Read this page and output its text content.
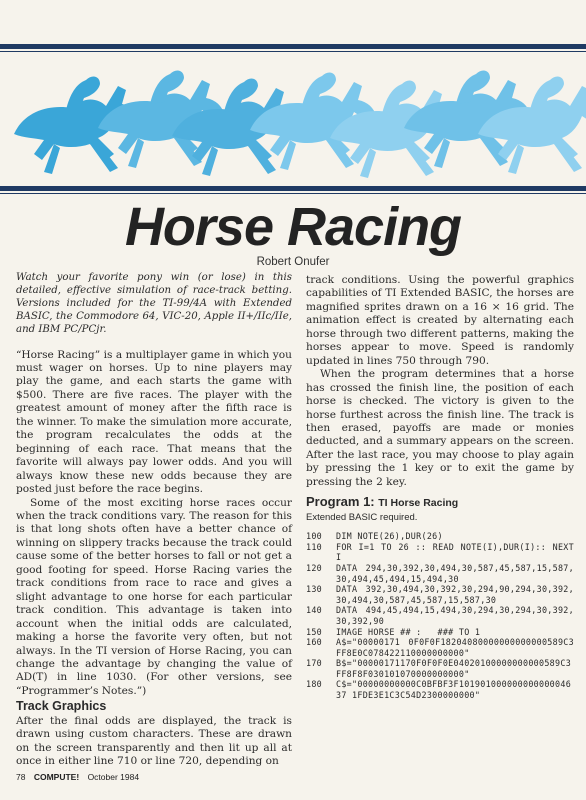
Horse Racing
Robert Onufer

Watch your favorite pony win (or lose) in this detailed, effective simulation of race-track betting. Versions included for the TI-99/4A with Extended BASIC, the Commodore 64, VIC-20, Apple II+/IIc/IIe, and IBM PC/PCjr.

“Horse Racing” is a multiplayer game in which you must wager on horses. Up to nine players may play the game, and each starts the game with $500. There are five races. The player with the greatest amount of money after the fifth race is the winner. To make the simulation more accurate, the program recalculates the odds at the beginning of each race. That means that the favorite will always pay lower odds. And you will always know these new odds because they are posted just before the race begins.

Some of the most exciting horse races occur when the track conditions vary. The reason for this is that long shots often have a better chance of winning on slippery tracks because the track could cause some of the better horses to fall or not get a good footing for speed. Horse Racing varies the track conditions from race to race and gives a slight advantage to one horse for each particular track condition. This advantage is taken into account when the initial odds are calculated, making a horse the favorite very often, but not always. In the TI version of Horse Racing, you can change the advantage by changing the value of AD(T) in line 1030. (For other versions, see “Programmer’s Notes.”)

Track Graphics

After the final odds are displayed, the track is drawn using custom characters. These are drawn on the screen transparently and then lit up all at once in either line 710 or line 720, depending on

track conditions. Using the powerful graphics capabilities of TI Extended BASIC, the horses are magnified sprites drawn on a 16 × 16 grid. The animation effect is created by alternating each horse through two different patterns, making the horses appear to move. Speed is randomly updated in lines 750 through 790.

When the program determines that a horse has crossed the finish line, the position of each horse is checked. The victory is given to the horse furthest across the finish line. The track is then erased, payoffs are made or monies deducted, and a summary appears on the screen. After the last race, you may choose to play again by pressing the 1 key or to exit the game by pressing the 2 key.

Program 1: TI Horse Racing

Extended BASIC required.

100	DIM NOTE(26),DUR(26)
110	FOR I=1 TO 26 :: READ NOTE(I),DUR(I):: NEXT I
120	DATA 294,30,392,30,494,30,587,45,587,15,587,30,494,45,494,15,494,30
130	DATA 392,30,494,30,392,30,294,90,294,30,392,30,494,30,587,45,587,15,587,30
140	DATA 494,45,494,15,494,30,294,30,294,30,392,30,392,90
150	IMAGE HORSE ## :   ### TO 1
160	A$="00000171 0F0F0F18204080000000000000589C3FF8E0C078422110000000000"
170	B$="00000171170F0F0F0E04020100000000000589C3FF8F8F030101070000000000"
180	C$="00000000000C0BFBF3F10190100000000000004637 1FDE3E1C3C54D2300000000"
78 COMPUTE! October 1984
